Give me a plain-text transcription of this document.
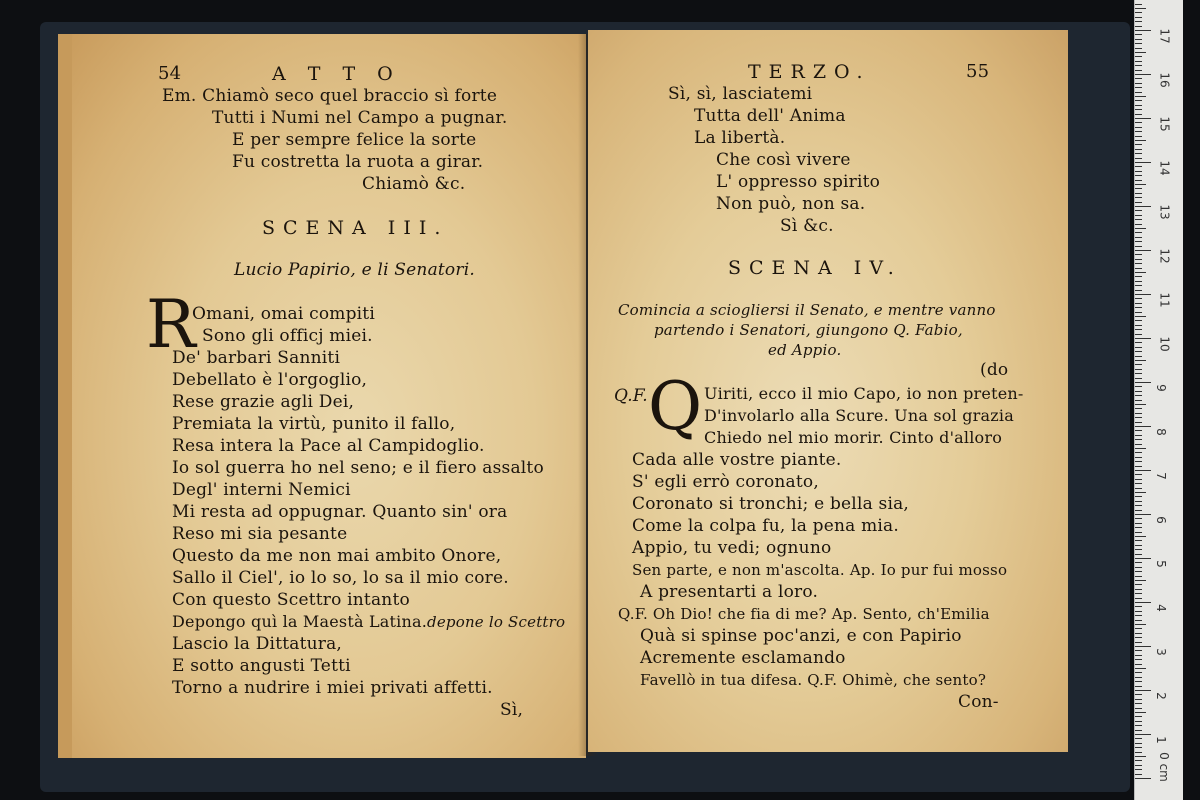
54	A T T O
Em. Chiamò seco quel braccio sì forte
Tutti i Numi nel Campo a pugnar.
E per sempre felice la sorte
Fu costretta la ruota a girar.
Chiamò &c.
SCENA III.
Lucio Papirio, e li Senatori.
R
Omani, omai compiti
Sono gli officj miei.
De' barbari Sanniti
Debellato è l'orgoglio,
Rese grazie agli Dei,
Premiata la virtù, punito il fallo,
Resa intera la Pace al Campidoglio.
Io sol guerra ho nel seno; e il fiero assalto
Degl' interni Nemici
Mi resta ad oppugnar. Quanto sin' ora
Reso mi sia pesante
Questo da me non mai ambito Onore,
Sallo il Ciel', io lo so, lo sa il mio core.
Con questo Scettro intanto
Depongo quì la Maestà Latina.depone lo Scettro
Lascio la Dittatura,
E sotto angusti Tetti
Torno a nudrire i miei privati affetti.
Sì,
TERZO.	55
Sì, sì, lasciatemi
Tutta dell' Anima
La libertà.
Che così vivere
L' oppresso spirito
Non può, non sa.
Sì &c.
SCENA IV.
Comincia a sciogliersi il Senato, e mentre vanno
partendo i Senatori, giungono Q. Fabio,
ed Appio.
(do
Q.F. Q Uiriti, ecco il mio Capo, io non preten-
D'involarlo alla Scure. Una sol grazia
Chiedo nel mio morir. Cinto d'alloro
Cada alle vostre piante.
S' egli errò coronato,
Coronato si tronchi; e bella sia,
Come la colpa fu, la pena mia.
Appio, tu vedi; ognuno
Sen parte, e non m'ascolta. Ap. Io pur fui mosso
A presentarti a loro.
Q.F. Oh Dio! che fia di me? Ap. Sento, ch'Emilia
Quà si spinse poc'anzi, e con Papirio
Acremente esclamando
Favellò in tua difesa. Q.F. Ohimè, che sento?
Con-
0 cm
1
2
3
4
5
6
7
8
9
10
11
12
13
14
15
16
17
